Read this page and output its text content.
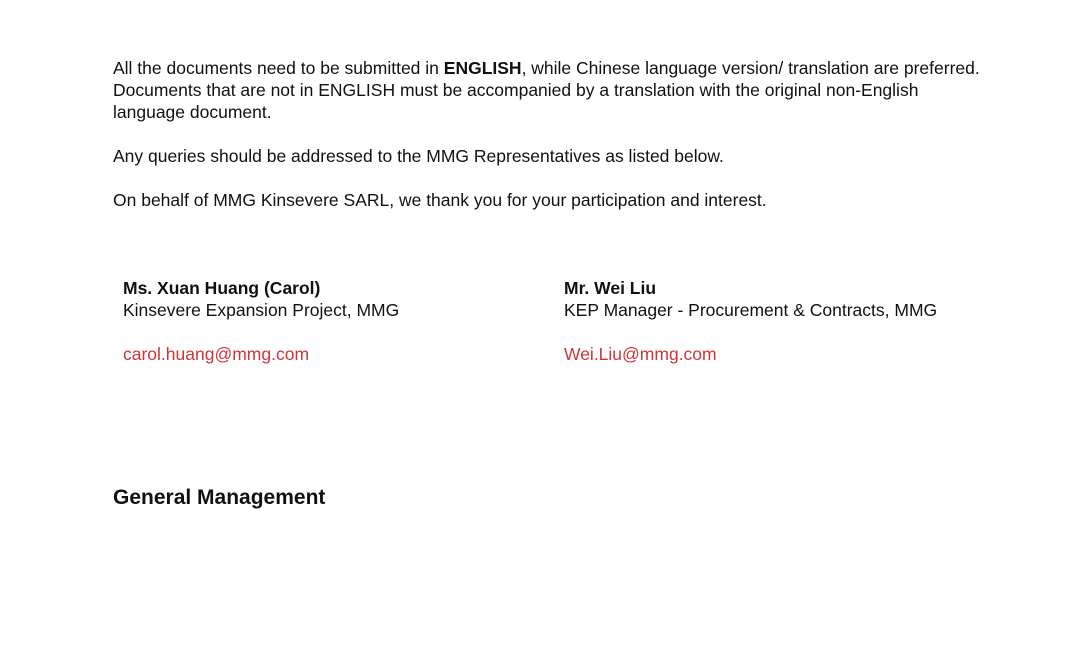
All the documents need to be submitted in ENGLISH, while Chinese language version/ translation are preferred. Documents that are not in ENGLISH must be accompanied by a translation with the original non-English language document.

Any queries should be addressed to the MMG Representatives as listed below.

On behalf of MMG Kinsevere SARL, we thank you for your participation and interest.

Ms. Xuan Huang (Carol)
Kinsevere Expansion Project, MMG
carol.huang@mmg.com
Mr. Wei Liu
KEP Manager - Procurement & Contracts, MMG
Wei.Liu@mmg.com
General Management
